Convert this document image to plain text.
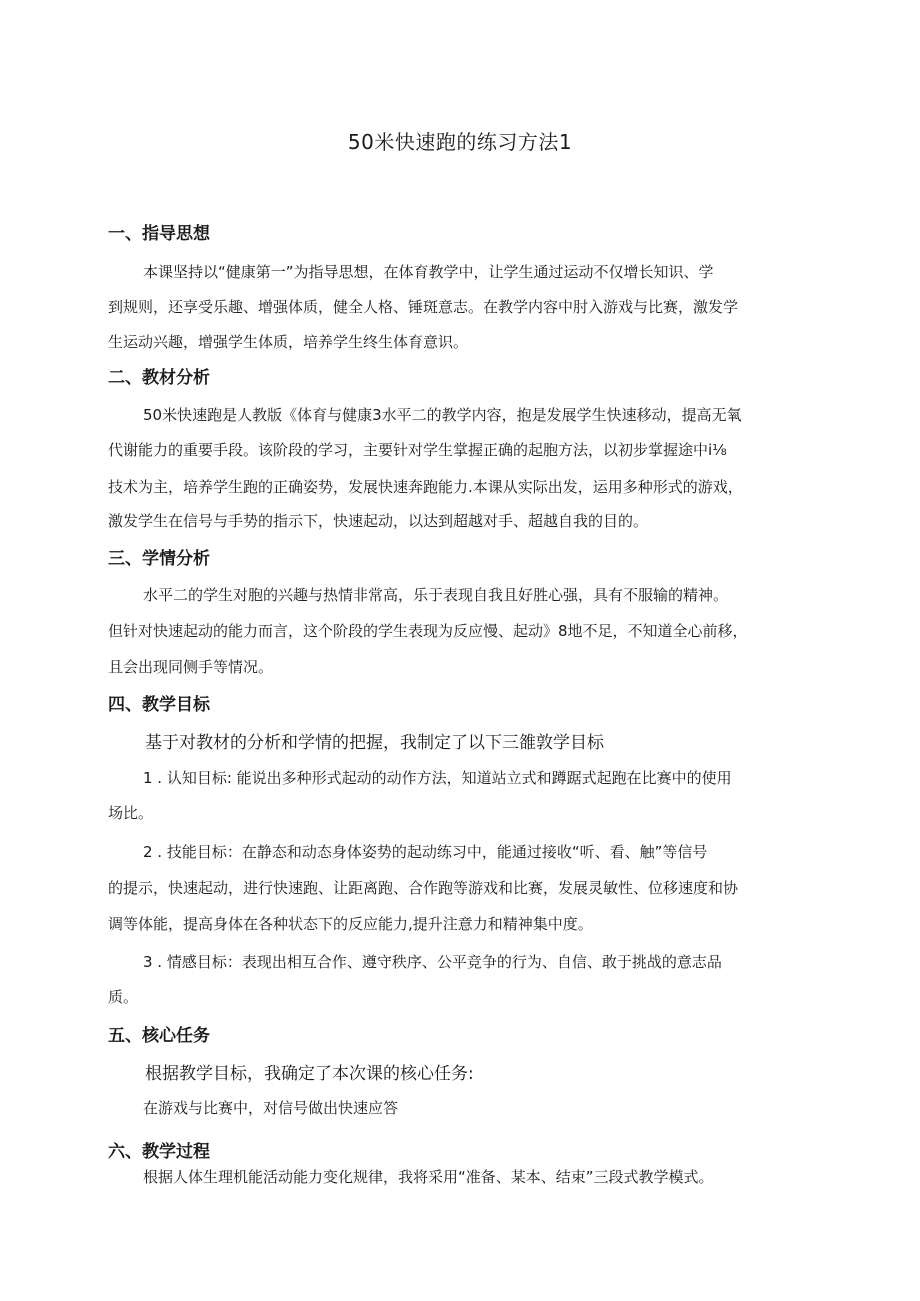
50米快速跑的练习方法1
一、指导思想
本课坚持以“健康第一”为指导思想，在体育教学中，让学生通过运动不仅增长知识、学
到规则，还享受乐趣、增强体质，健全人格、锤斑意志。在教学内容中肘入游戏与比赛，激发学
生运动兴趣，增强学生体质，培养学生终生体育意识。
二、教材分析
50米快速跑是人教版《体育与健康3水平二的教学内容，抱是发展学生快速移动，提高无氧
代谢能力的重要手段。该阶段的学习，主要针对学生掌握正确的起胞方法，以初步掌握途中i⅛
技术为主，培养学生跑的正确姿势，发展快速奔跑能力.本课从实际出发，运用多种形式的游戏，
激发学生在信号与手势的指示下，快速起动，以达到超越对手、超越自我的目的。
三、学情分析
水平二的学生对胞的兴趣与热情非常高，乐于表现自我且好胜心强，具有不服输的精神。
但针对快速起动的能力而言，这个阶段的学生表现为反应慢、起动》8地不足，不知道全心前移，
且会出现同侧手等情况。
四、教学目标
基于对教材的分析和学情的把握，我制定了以下三雒敦学目标
1 . 认知目标: 能说出多种形式起动的动作方法，知道站立式和蹲踞式起跑在比赛中的使用
场比。
2 . 技能目标：在静态和动态身体姿势的起动练习中，能通过接收“听、看、触”等信号
的提示，快速起动，进行快速跑、让距离跑、合作跑等游戏和比赛，发展灵敏性、位移速度和协
调等体能，提高身体在各种状态下的反应能力,提升注意力和精神集中度。
3 . 情感目标：表现出相互合作、遵守秩序、公平竞争的行为、自信、敢于挑战的意志品
质。
五、核心任务
根据教学目标，我确定了本次课的核心任务:
在游戏与比赛中，对信号做出快速应答
六、教学过程
根据人体生理机能活动能力变化规律，我将采用“准备、某本、结束”三段式教学模式。
